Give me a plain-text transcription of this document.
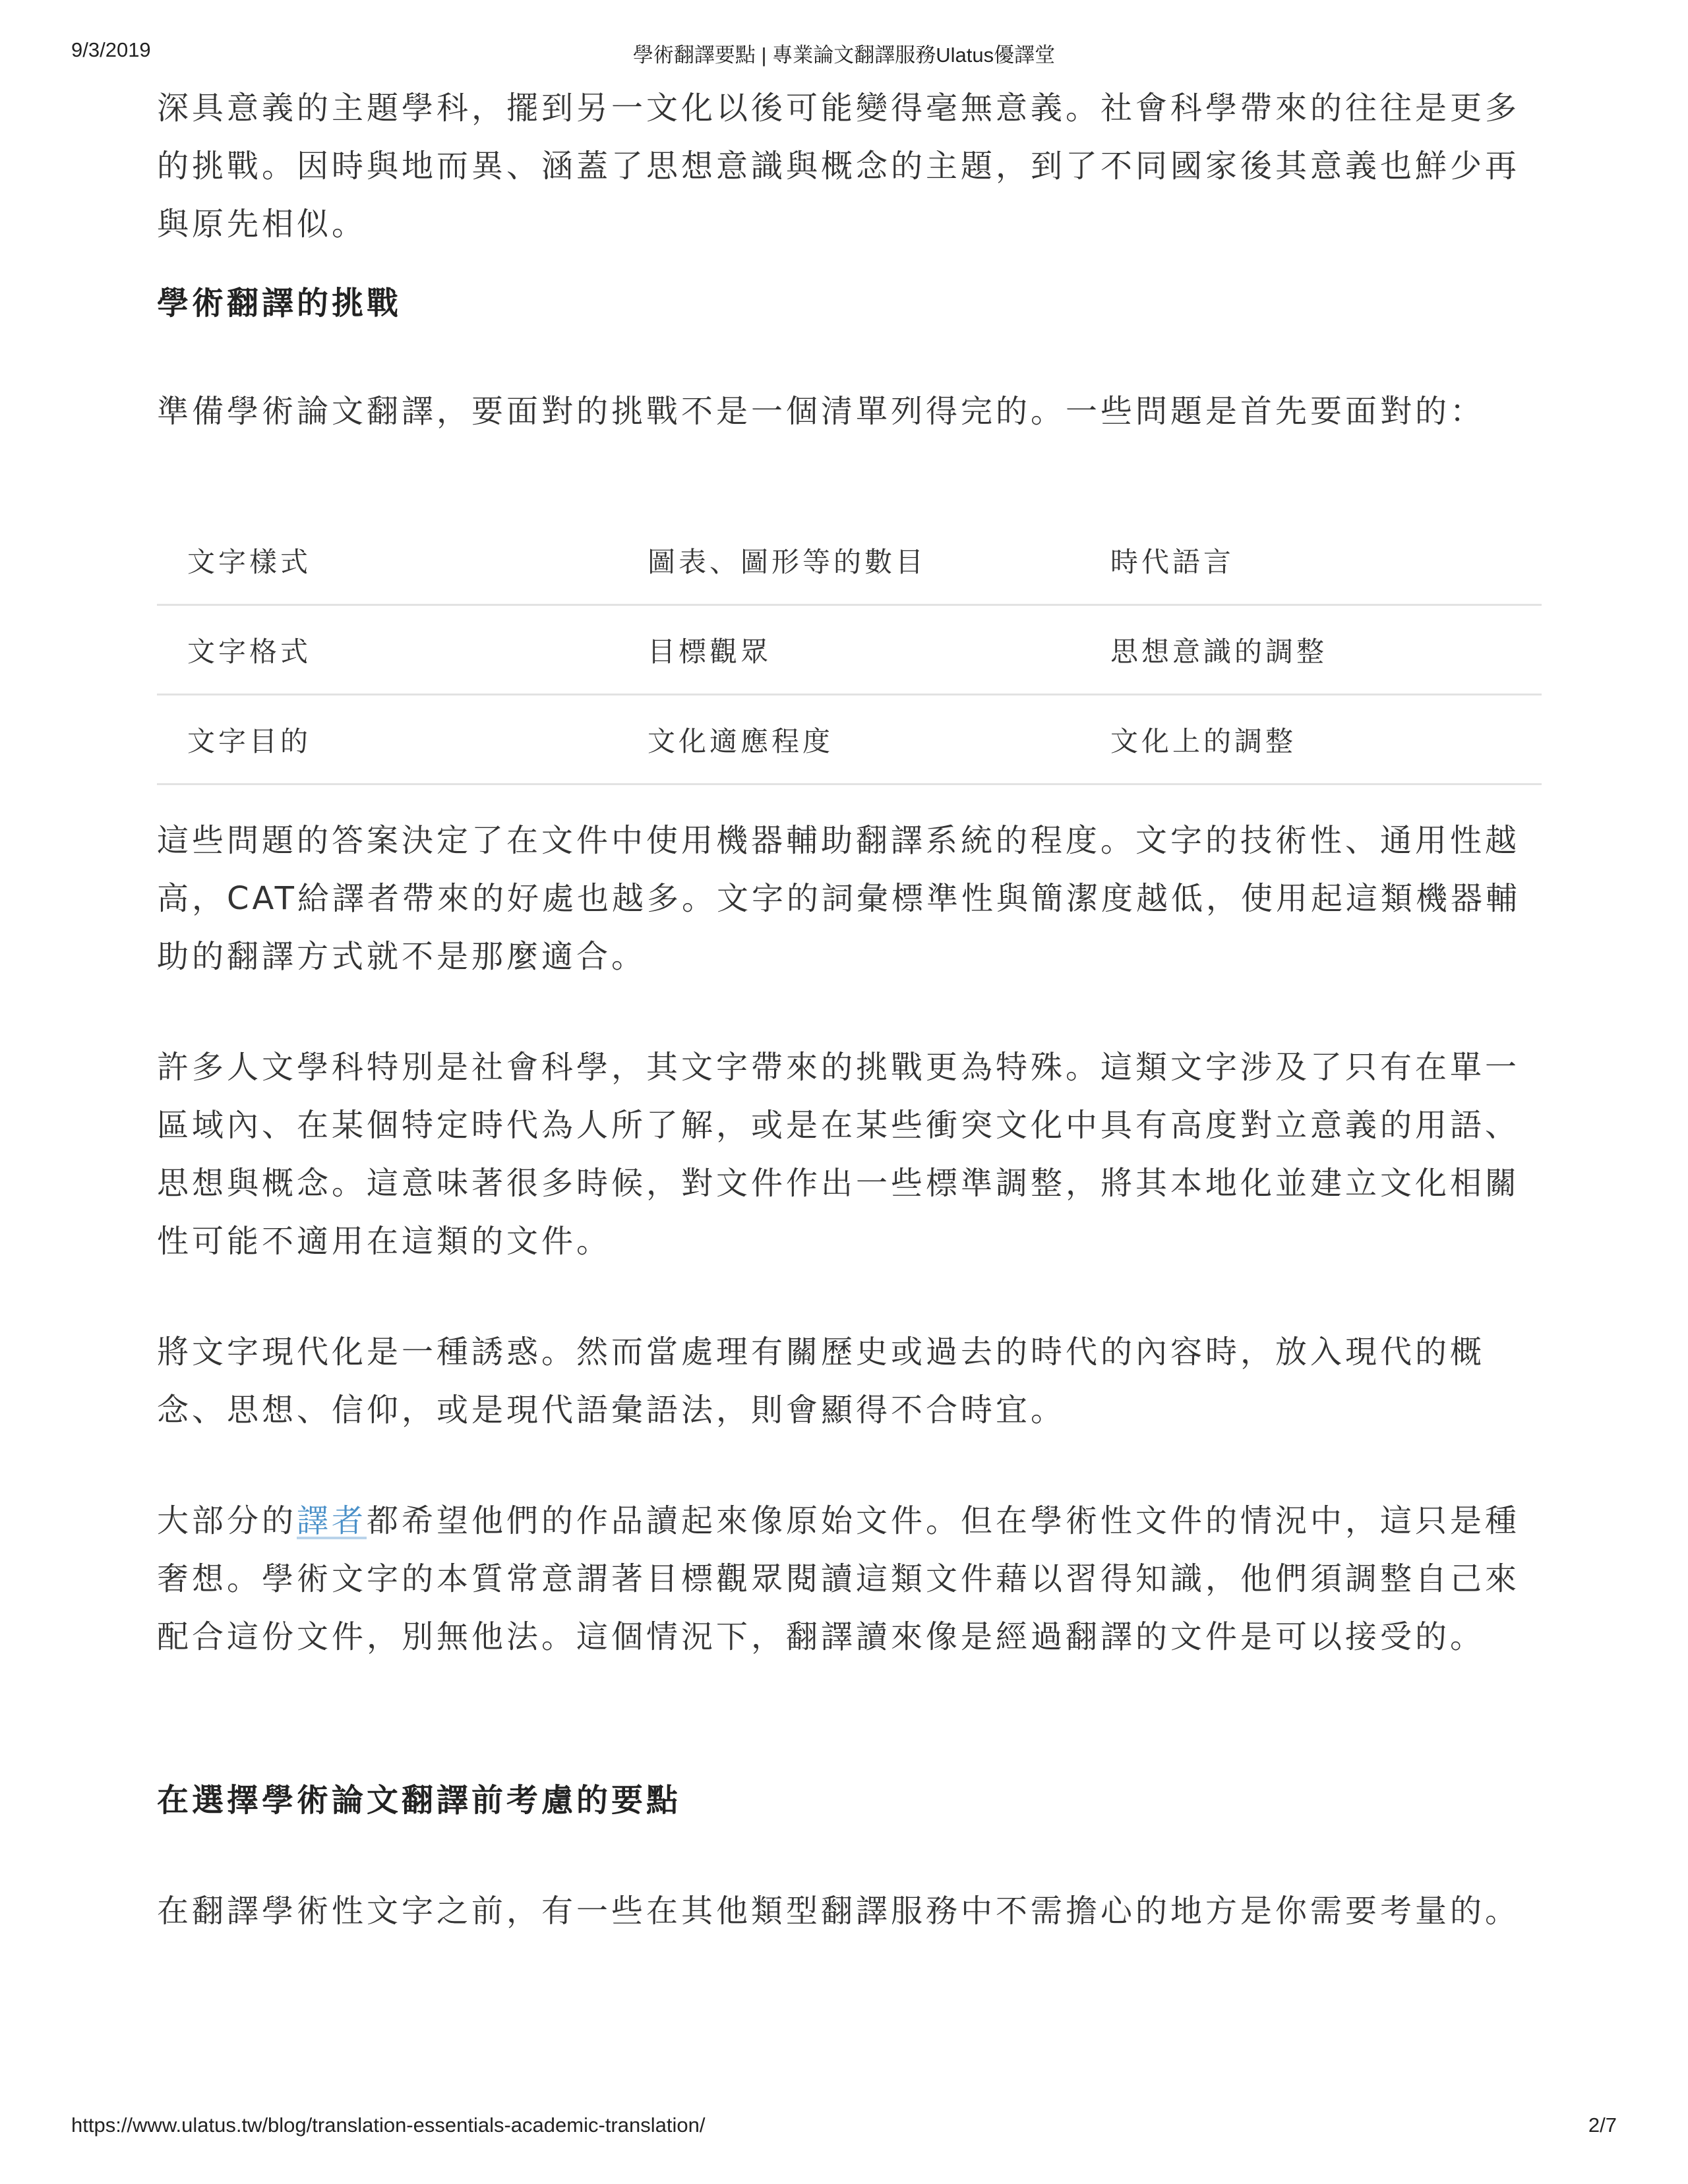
9/3/2019	學術翻譯要點 | 專業論文翻譯服務Ulatus優譯堂

深具意義的主題學科，擺到另一文化以後可能變得毫無意義。社會科學帶來的往往是更多的挑戰。因時與地而異、涵蓋了思想意識與概念的主題，到了不同國家後其意義也鮮少再與原先相似。

學術翻譯的挑戰

準備學術論文翻譯，要面對的挑戰不是一個清單列得完的。一些問題是首先要面對的：

文字樣式	圖表、圖形等的數目	時代語言
文字格式	目標觀眾	思想意識的調整
文字目的	文化適應程度	文化上的調整

這些問題的答案決定了在文件中使用機器輔助翻譯系統的程度。文字的技術性、通用性越高，CAT給譯者帶來的好處也越多。文字的詞彙標準性與簡潔度越低，使用起這類機器輔助的翻譯方式就不是那麼適合。

許多人文學科特別是社會科學，其文字帶來的挑戰更為特殊。這類文字涉及了只有在單一區域內、在某個特定時代為人所了解，或是在某些衝突文化中具有高度對立意義的用語、思想與概念。這意味著很多時候，對文件作出一些標準調整，將其本地化並建立文化相關性可能不適用在這類的文件。

將文字現代化是一種誘惑。然而當處理有關歷史或過去的時代的內容時，放入現代的概念、思想、信仰，或是現代語彙語法，則會顯得不合時宜。

大部分的譯者都希望他們的作品讀起來像原始文件。但在學術性文件的情況中，這只是種奢想。學術文字的本質常意謂著目標觀眾閱讀這類文件藉以習得知識，他們須調整自己來配合這份文件，別無他法。這個情況下，翻譯讀來像是經過翻譯的文件是可以接受的。

在選擇學術論文翻譯前考慮的要點

在翻譯學術性文字之前，有一些在其他類型翻譯服務中不需擔心的地方是你需要考量的。

https://www.ulatus.tw/blog/translation-essentials-academic-translation/	2/7
